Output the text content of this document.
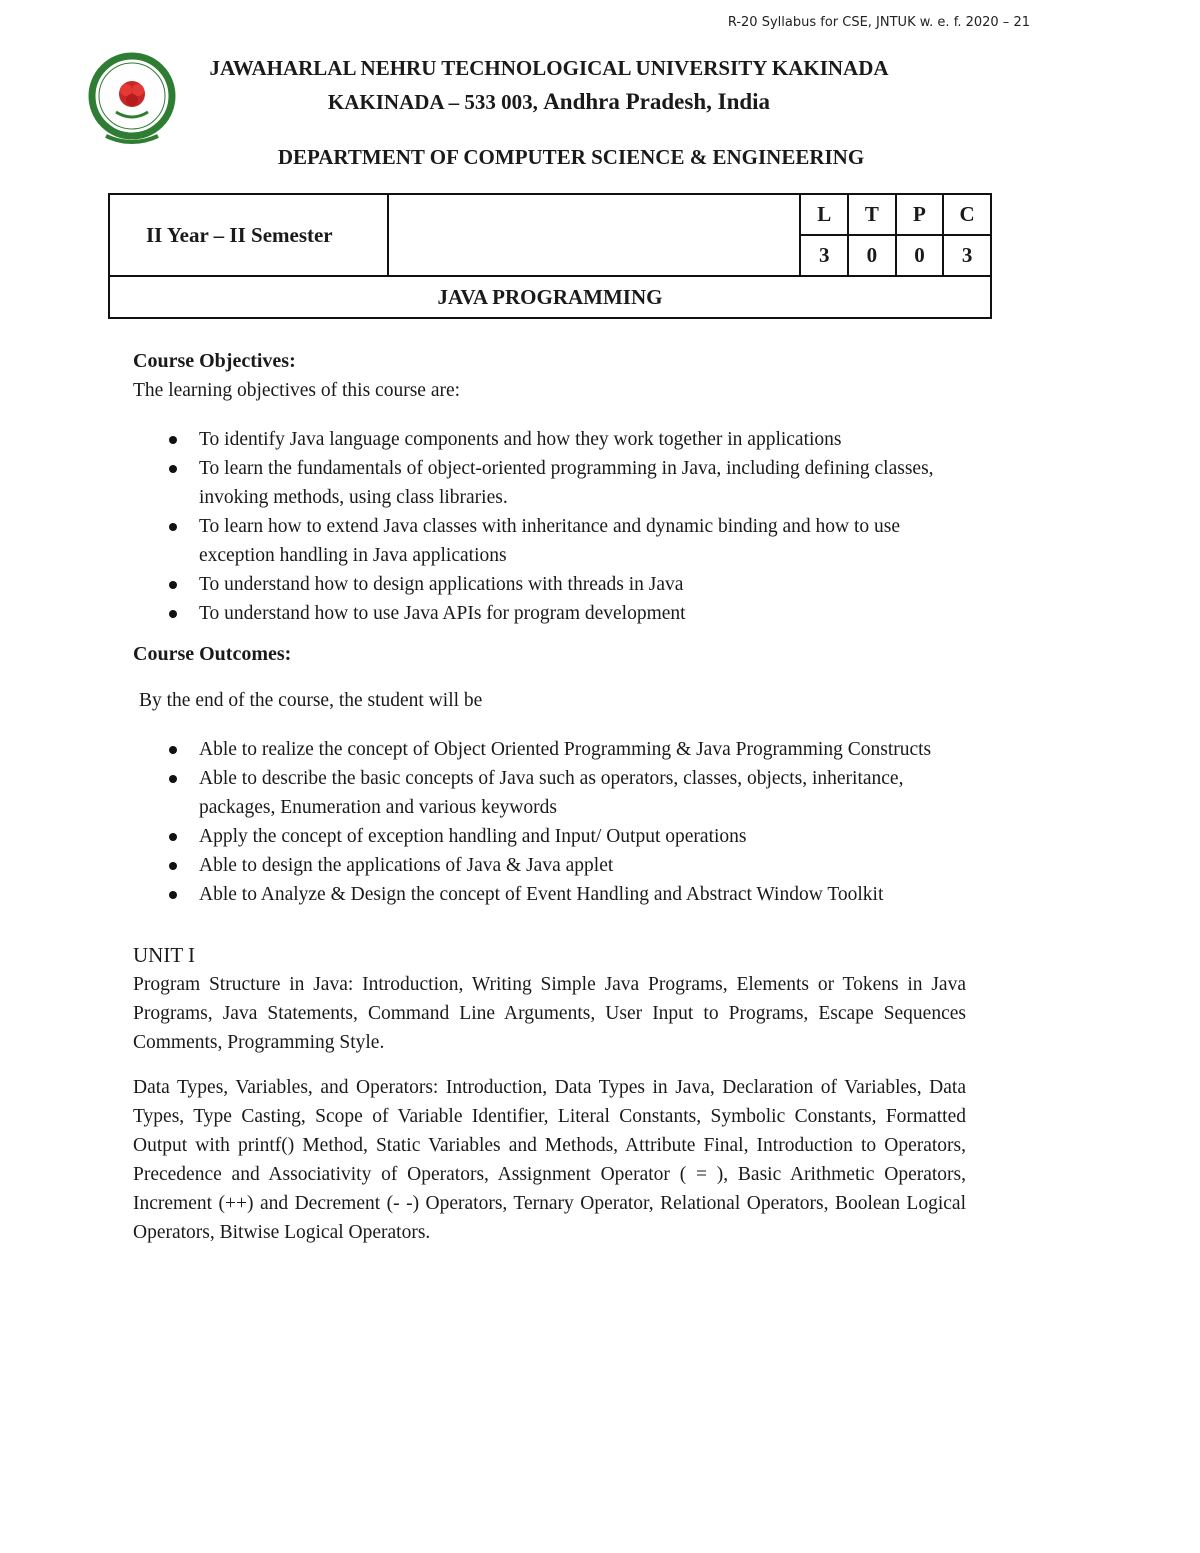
R-20 Syllabus for CSE, JNTUK w. e. f. 2020 – 21
JAWAHARLAL NEHRU TECHNOLOGICAL UNIVERSITY KAKINADA
KAKINADA – 533 003, Andhra Pradesh, India
DEPARTMENT OF COMPUTER SCIENCE & ENGINEERING
II Year – II Semester		L	T	P	C
		3	0	0	3
JAVA PROGRAMMING					
Course Objectives:

The learning objectives of this course are:

To identify Java language components and how they work together in applications
To learn the fundamentals of object-oriented programming in Java, including defining classes, invoking methods, using class libraries.
To learn how to extend Java classes with inheritance and dynamic binding and how to use exception handling in Java applications
To understand how to design applications with threads in Java
To understand how to use Java APIs for program development
Course Outcomes:

By the end of the course, the student will be

Able to realize the concept of Object Oriented Programming & Java Programming Constructs
Able to describe the basic concepts of Java such as operators, classes, objects, inheritance, packages, Enumeration and various keywords
Apply the concept of exception handling and Input/ Output operations
Able to design the applications of Java & Java applet
Able to Analyze & Design the concept of Event Handling and Abstract Window Toolkit
UNIT I

Program Structure in Java: Introduction, Writing Simple Java Programs, Elements or Tokens in Java Programs, Java Statements, Command Line Arguments, User Input to Programs, Escape Sequences Comments, Programming Style.

Data Types, Variables, and Operators: Introduction, Data Types in Java, Declaration of Variables, Data Types, Type Casting, Scope of Variable Identifier, Literal Constants, Symbolic Constants, Formatted Output with printf() Method, Static Variables and Methods, Attribute Final, Introduction to Operators, Precedence and Associativity of Operators, Assignment Operator ( = ), Basic Arithmetic Operators, Increment (++) and Decrement (- -) Operators, Ternary Operator, Relational Operators, Boolean Logical Operators, Bitwise Logical Operators.
